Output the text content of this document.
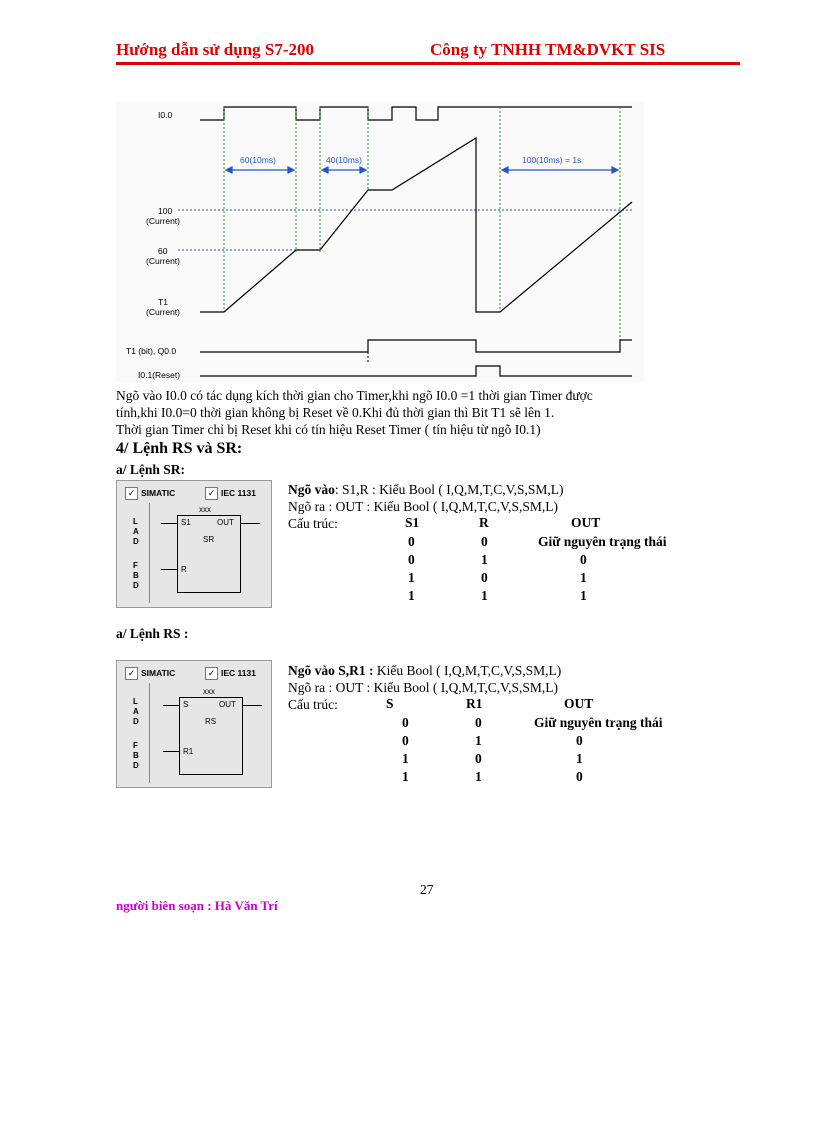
Hướng dẫn sử dụng S7-200	Công ty TNHH TM&DVKT SIS
I0.0
60(10ms)	40(10ms)	100(10ms) = 1s
100
(Current)
60
(Current)
T1
(Current)
T1 (bit), Q0.0
I0.1(Reset)
Ngõ vào I0.0 có tác dụng kích thời gian cho Timer,khi ngõ I0.0 =1 thời gian Timer được
tính,khi I0.0=0 thời gian không bị Reset về 0.Khi đủ thời gian thì Bit T1 sẽ lên 1.
Thời gian Timer chỉ bị Reset khi có tín hiệu Reset Timer ( tín hiệu từ ngõ I0.1)
4/ Lệnh RS và SR:
a/ Lệnh SR:
✓ SIMATIC	✓ IEC 1131
L
A
D
F
B
D
xxx
S1	OUT
SR
R
Ngõ vào: S1,R : Kiểu Bool ( I,Q,M,T,C,V,S,SM,L)
Ngõ ra : OUT : Kiểu Bool ( I,Q,M,T,C,V,S,SM,L)
Cấu trúc:	S1	R	OUT
0	0	Giữ nguyên trạng thái
0	1	0
1	0	1
1	1	1
a/ Lệnh RS :
✓ SIMATIC	✓ IEC 1131
L
A
D
F
B
D
xxx
S	OUT
RS
R1
Ngõ vào S,R1 : Kiểu Bool ( I,Q,M,T,C,V,S,SM,L)
Ngõ ra : OUT : Kiểu Bool ( I,Q,M,T,C,V,S,SM,L)
Cấu trúc:	S	R1	OUT
0	0	Giữ nguyên trạng thái
0	1	0
1	0	1
1	1	0
27
người biên soạn : Hà Văn Trí
